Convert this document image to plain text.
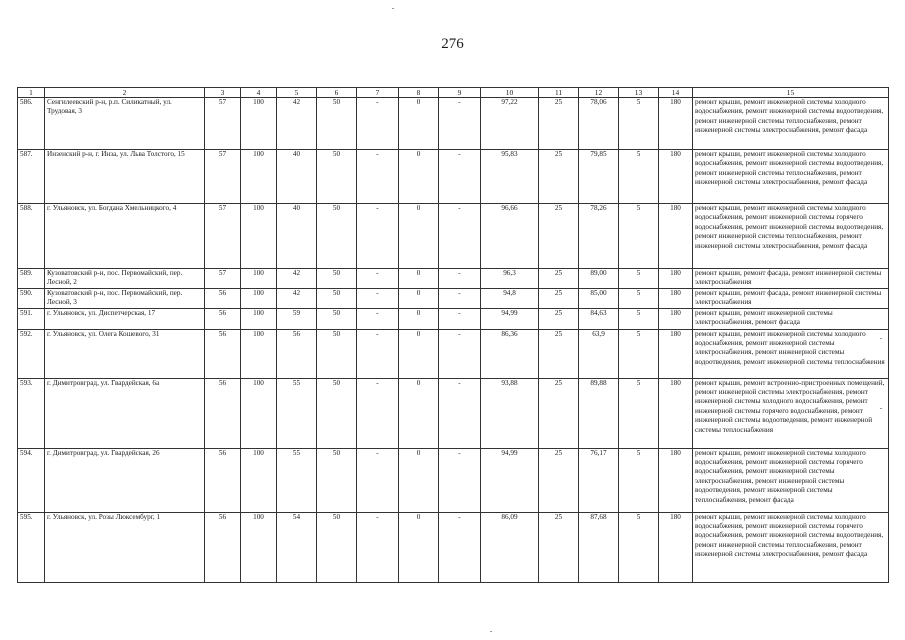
276
1	2	3	4	5	6	7	8	9	10	11	12	13	14	15
586.	Сенгилеевский р-н, р.п. Силикатный, ул. Трудовая, 3	57	100	42	50	-	0	-	97,22	25	78,06	5	180	ремонт крыши, ремонт инженерной системы холодного водоснабжения, ремонт инженерной системы водоотведения, ремонт инженерной системы теплоснабжения, ремонт инженерной системы электроснабжения, ремонт фасада
587.	Инзенский р-н, г. Инза, ул. Льва Толстого, 15	57	100	40	50	-	0	-	95,83	25	79,85	5	180	ремонт крыши, ремонт инженерной системы холодного водоснабжения, ремонт инженерной системы водоотведения, ремонт инженерной системы теплоснабжения, ремонт инженерной системы электроснабжения, ремонт фасада
588.	г. Ульяновск, ул. Богдана Хмельницкого, 4	57	100	40	50	-	0	-	96,66	25	78,26	5	180	ремонт крыши, ремонт инженерной системы холодного водоснабжения, ремонт инженерной системы горячего водоснабжения, ремонт инженерной системы водоотведения, ремонт инженерной системы теплоснабжения, ремонт инженерной системы электроснабжения, ремонт фасада
589.	Кузоватовский р-н, пос. Первомайский, пер. Лесной, 2	57	100	42	50	-	0	-	96,3	25	89,00	5	180	ремонт крыши, ремонт фасада, ремонт инженерной системы электроснабжения
590.	Кузоватовский р-н, пос. Первомайский, пер. Лесной, 3	56	100	42	50	-	0	-	94,8	25	85,00	5	180	ремонт крыши, ремонт фасада, ремонт инженерной системы электроснабжения
591.	г. Ульяновск, ул. Диспетчерская, 17	56	100	59	50	-	0	-	94,99	25	84,63	5	180	ремонт крыши, ремонт инженерной системы электроснабжения, ремонт фасада
592.	г. Ульяновск, ул. Олега Кошевого, 31	56	100	56	50	-	0	-	86,36	25	63,9	5	180	ремонт крыши, ремонт инженерной системы холодного водоснабжения, ремонт инженерной системы электроснабжения, ремонт инженерной системы водоотведения, ремонт инженерной системы теплоснабжения
593.	г. Димитровград, ул. Гвардейская, 6а	56	100	55	50	-	0	-	93,88	25	89,88	5	180	ремонт крыши, ремонт встроенно-пристроенных помещений, ремонт инженерной системы электроснабжения, ремонт инженерной системы холодного водоснабжения, ремонт инженерной системы горячего водоснабжения, ремонт инженерной системы водоотведения, ремонт инженерной системы теплоснабжения
594.	г. Димитровград, ул. Гвардейская, 26	56	100	55	50	-	0	-	94,99	25	76,17	5	180	ремонт крыши, ремонт инженерной системы холодного водоснабжения, ремонт инженерной системы горячего водоснабжения, ремонт инженерной системы электроснабжения, ремонт инженерной системы водоотведения, ремонт инженерной системы теплоснабжения, ремонт фасада
595.	г. Ульяновск, ул. Розы Люксембург, 1	56	100	54	50	-	0	-	86,09	25	87,68	5	180	ремонт крыши, ремонт инженерной системы холодного водоснабжения, ремонт инженерной системы горячего водоснабжения, ремонт инженерной системы водоотведения, ремонт инженерной системы теплоснабжения, ремонт инженерной системы электроснабжения, ремонт фасада
